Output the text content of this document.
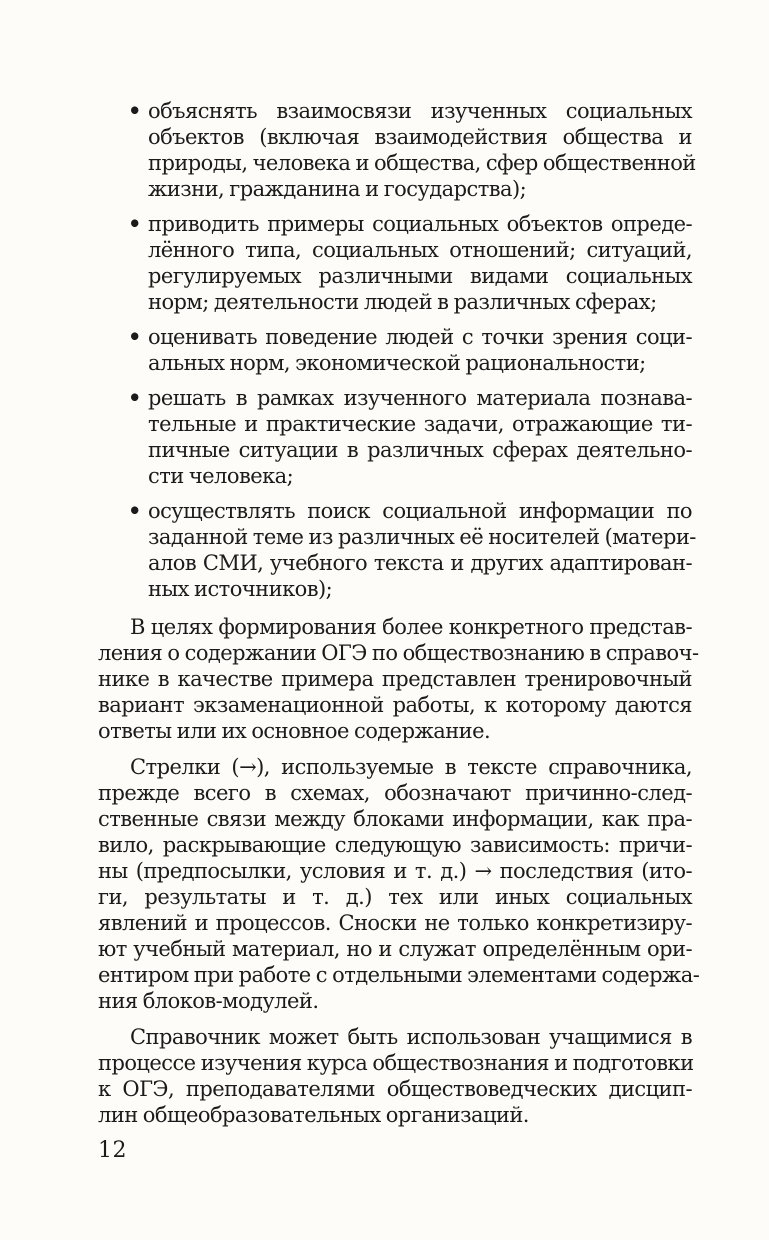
• объяснять взаимосвязи изученных социальных
объектов (включая взаимодействия общества и
природы, человека и общества, сфер общественной
жизни, гражданина и государства);
• приводить примеры социальных объектов опреде-
лённого типа, социальных отношений; ситуаций,
регулируемых различными видами социальных
норм; деятельности людей в различных сферах;
• оценивать поведение людей с точки зрения соци-
альных норм, экономической рациональности;
• решать в рамках изученного материала познава-
тельные и практические задачи, отражающие ти-
пичные ситуации в различных сферах деятельно-
сти человека;
• осуществлять поиск социальной информации по
заданной теме из различных её носителей (матери-
алов СМИ, учебного текста и других адаптирован-
ных источников);
В целях формирования более конкретного представ-
ления о содержании ОГЭ по обществознанию в справоч-
нике в качестве примера представлен тренировочный
вариант экзаменационной работы, к которому даются
ответы или их основное содержание.
Стрелки (→), используемые в тексте справочника,
прежде всего в схемах, обозначают причинно-след-
ственные связи между блоками информации, как пра-
вило, раскрывающие следующую зависимость: причи-
ны (предпосылки, условия и т. д.) → последствия (ито-
ги, результаты и т. д.) тех или иных социальных
явлений и процессов. Сноски не только конкретизиру-
ют учебный материал, но и служат определённым ори-
ентиром при работе с отдельными элементами содержа-
ния блоков-модулей.
Справочник может быть использован учащимися в
процессе изучения курса обществознания и подготовки
к ОГЭ, преподавателями обществоведческих дисцип-
лин общеобразовательных организаций.
12
